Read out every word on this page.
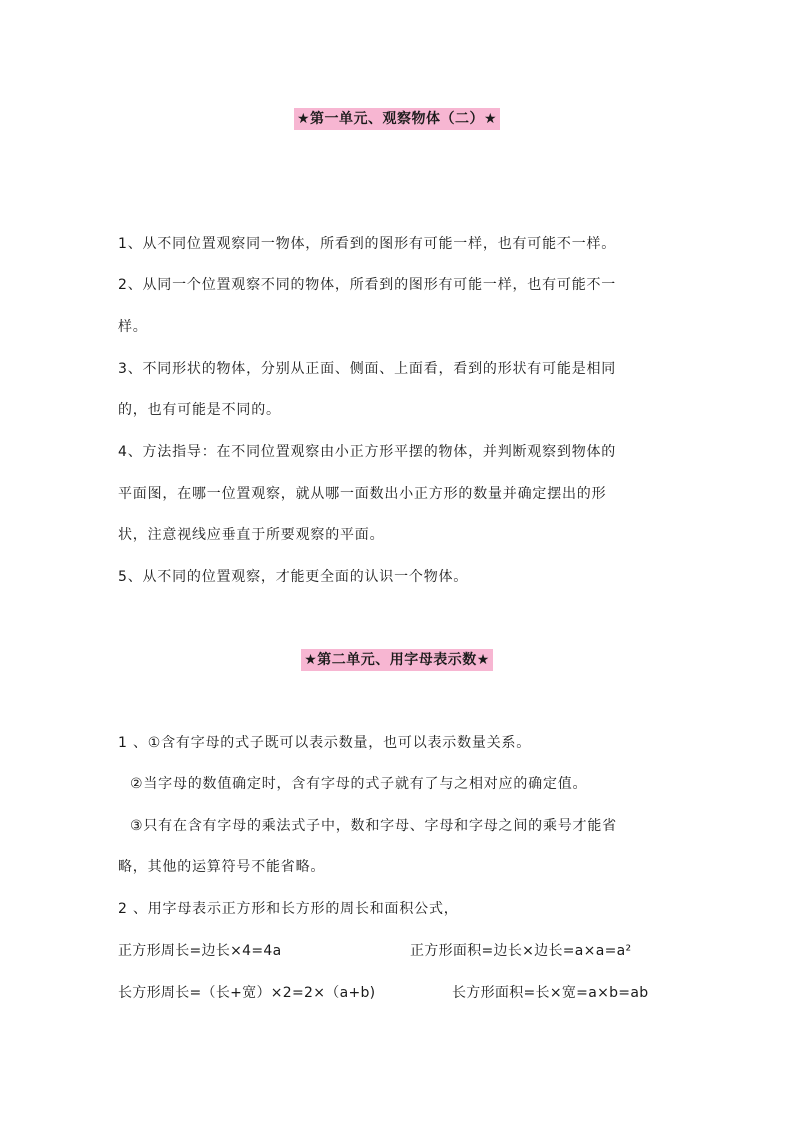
★第一单元、观察物体（二）★
1、从不同位置观察同一物体，所看到的图形有可能一样，也有可能不一样。
2、从同一个位置观察不同的物体，所看到的图形有可能一样，也有可能不一
样。
3、不同形状的物体，分别从正面、侧面、上面看，看到的形状有可能是相同
的，也有可能是不同的。
4、方法指导：在不同位置观察由小正方形平摆的物体，并判断观察到物体的
平面图，在哪一位置观察，就从哪一面数出小正方形的数量并确定摆出的形
状，注意视线应垂直于所要观察的平面。
5、从不同的位置观察，才能更全面的认识一个物体。
★第二单元、用字母表示数★
1 、①含有字母的式子既可以表示数量，也可以表示数量关系。
②当字母的数值确定时，含有字母的式子就有了与之相对应的确定值。
③只有在含有字母的乘法式子中，数和字母、字母和字母之间的乘号才能省
略，其他的运算符号不能省略。
2 、用字母表示正方形和长方形的周长和面积公式，
正方形周长=边长×4=4a	正方形面积=边长×边长=a×a=a²
长方形周长=（长+宽）×2=2×（a+b)	长方形面积=长×宽=a×b=ab
